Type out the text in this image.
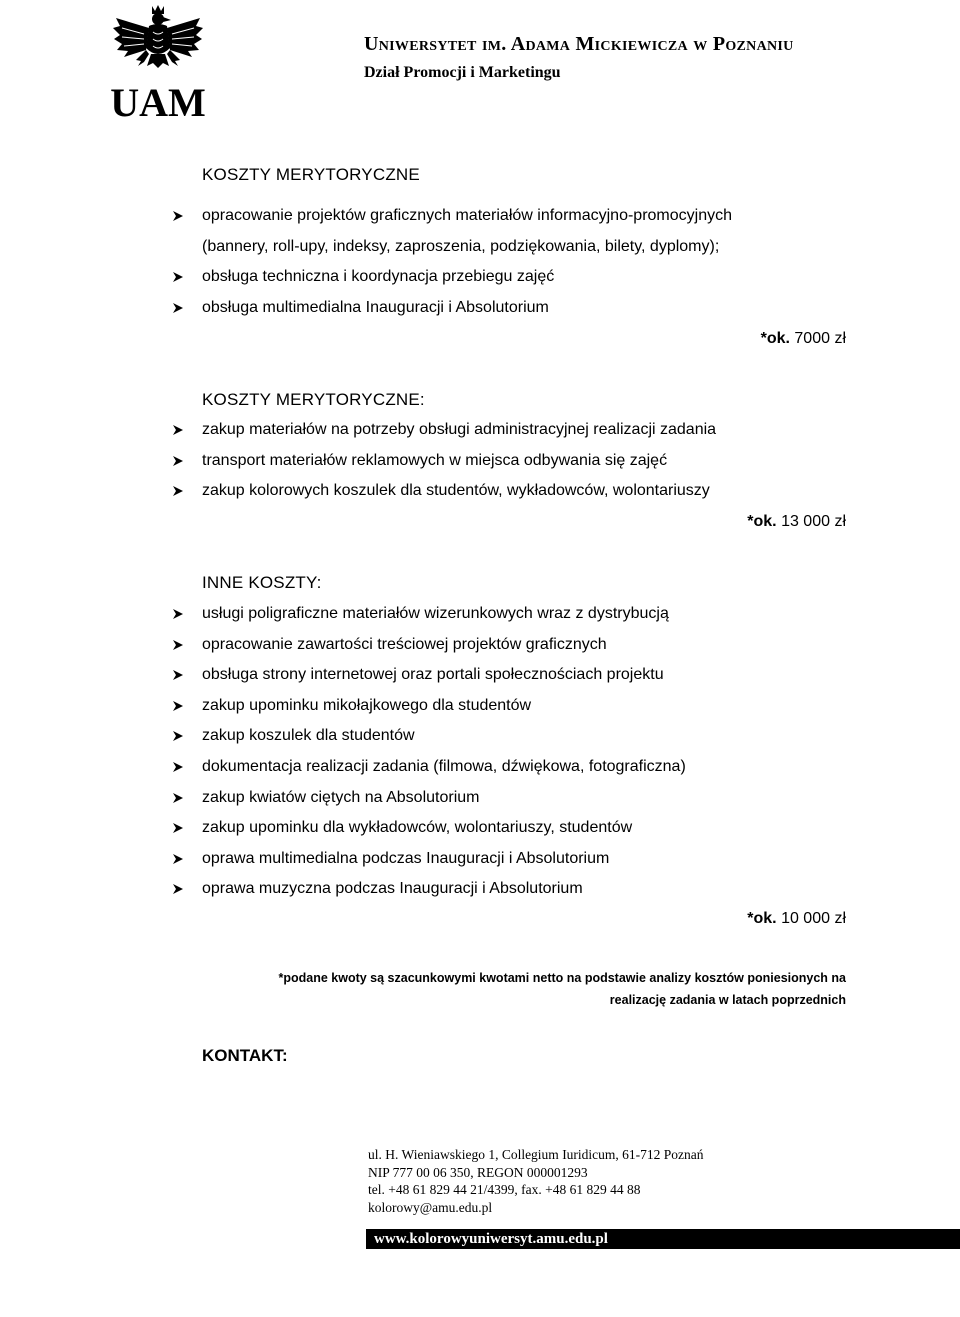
UAM

Uniwersytet im. Adama Mickiewicza w Poznaniu

Dział Promocji i Marketingu

KOSZTY MERYTORYCZNE
opracowanie projektów graficznych materiałów informacyjno-promocyjnych (bannery, roll-upy, indeksy, zaproszenia, podziękowania, bilety, dyplomy);
obsługa techniczna i koordynacja przebiegu zajęć
obsługa multimedialna Inauguracji i Absolutorium

*ok. 7000 zł

KOSZTY MERYTORYCZNE:
zakup materiałów na potrzeby obsługi administracyjnej realizacji zadania
transport materiałów reklamowych w miejsca odbywania się zajęć
zakup kolorowych koszulek dla studentów, wykładowców, wolontariuszy

*ok. 13 000 zł

INNE KOSZTY:
usługi poligraficzne materiałów wizerunkowych wraz z dystrybucją
opracowanie zawartości treściowej projektów graficznych
obsługa strony internetowej oraz portali społecznościach projektu
zakup upominku mikołajkowego dla studentów
zakup koszulek dla studentów
dokumentacja realizacji zadania (filmowa, dźwiękowa, fotograficzna)
zakup kwiatów ciętych na Absolutorium
zakup upominku dla wykładowców, wolontariuszy, studentów
oprawa multimedialna podczas Inauguracji i Absolutorium
oprawa muzyczna podczas Inauguracji i Absolutorium

*ok. 10 000 zł

*podane kwoty są szacunkowymi kwotami netto na podstawie analizy kosztów poniesionych na

realizację zadania w latach poprzednich

KONTAKT:
ul. H. Wieniawskiego 1, Collegium Iuridicum, 61-712 Poznań
NIP 777 00 06 350, REGON 000001293
tel. +48 61 829 44 21/4399, fax. +48 61 829 44 88
kolorowy@amu.edu.pl
www.kolorowyuniwersyt.amu.edu.pl
